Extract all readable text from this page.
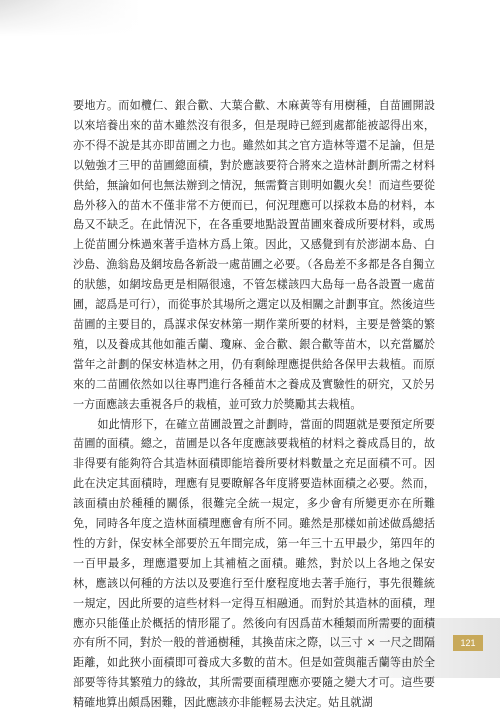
要地方。而如欖仁、銀合歡、大葉合歡、木麻黃等有用樹種，自苗圃開設以來培養出來的苗木雖然沒有很多，但是現時已經到處都能被認得出來，亦不得不說是其亦即苗圃之力也。雖然如其之官方造林等還不足論，但是以勉強才三甲的苗圃總面積，對於應該要符合將來之造林計劃所需之材料供給，無論如何也無法辦到之情況，無需贅言則明如觀火矣！而這些要從島外移入的苗木不僅非常不方便而已，何況理應可以採救本島的材料，本島又不缺乏。在此情況下，在各重要地點設置苗圃來養成所要材料，或馬上從苗圃分株過來著手造林方爲上策。因此，又感覺到有於澎湖本島、白沙島、漁翁島及網垵島各新設一處苗圃之必要。（各島差不多都是各自獨立的狀態，如網垵島更是相隔很遠，不管怎樣該四大島每一島各設置一處苗圃，認爲是可行），而從事於其場所之選定以及相關之計劃事宜。然後這些苗圃的主要目的，爲謀求保安林第一期作業所要的材料，主要是營築的繁殖，以及養成其他如龍舌蘭、瓊麻、金合歡、銀合歡等苗木，以充當屬於當年之計劃的保安林造林之用，仍有剩餘理應提供給各保甲去栽植。而原來的二苗圃依然如以往專門進行各種苗木之養成及實驗性的研究，又於另一方面應該去重視各戶的栽植，並可致力於獎勵其去栽植。

如此情形下，在確立苗圃設置之計劃時，當面的問題就是要預定所要苗圃的面積。總之，苗圃是以各年度應該要栽植的材料之養成爲目的，故非得要有能夠符合其造林面積即能培養所要材料數量之充足面積不可。因此在決定其面積時，理應有見要瞭解各年度將要造林面積之必要。然而，該面積由於種種的關係，很難完全統一規定，多少會有所變更亦在所難免，同時各年度之造林面積理應會有所不同。雖然是那樣如前述做爲總括性的方針，保安林全部要於五年間完成，第一年三十五甲最少，第四年的一百甲最多，理應還要加上其補植之面積。雖然，對於以上各地之保安林，應該以何種的方法以及要進行至什麼程度地去著手施行，事先很難統一規定，因此所要的這些材料一定得互相融通。而對於其造林的面積，理應亦只能僅止於概括的情形罷了。然後向有因爲苗木種類而所需要的面積亦有所不同，對於一般的普通樹種，其換苗床之際，以三寸 × 一尺之間隔距離，如此狹小面積即可養成大多數的苗木。但是如萱與龍舌蘭等由於全部要等待其繁殖力的緣故，其所需要面積理應亦要隨之變大才可。這些要精確地算出頗爲困難，因此應該亦非能輕易去決定。姑且就湖

121
